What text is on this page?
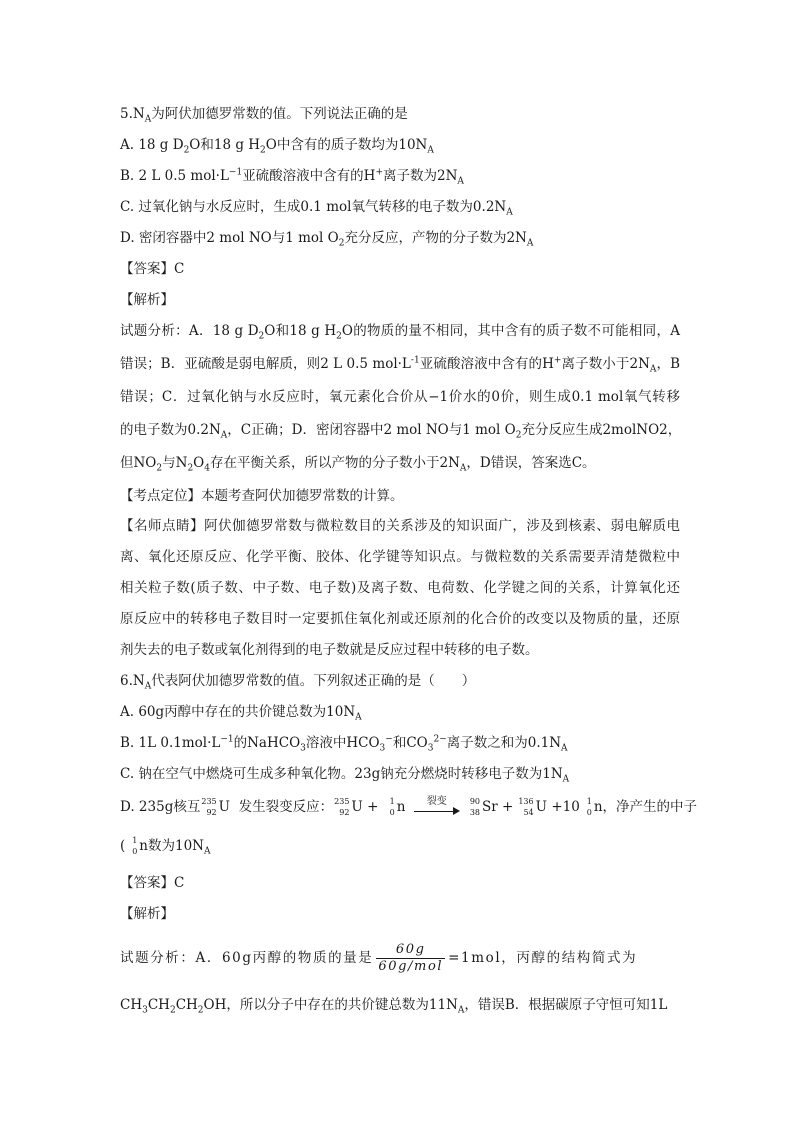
$5.N_A$为阿伏加德罗常数的值。下列说法正确的是
A. 18 g $D_2O$和18 g $H_2O$中含有的质子数均为$10N_A$
B. 2 L 0.5 $mol\cdot L^{-1}$亚硫酸溶液中含有的H+离子数为$2N_A$
C. 过氧化钠与水反应时，生成0.1 mol氧气转移的电子数为$0.2N_A$
D. 密闭容器中2 mol NO与1 mol $O_2$充分反应，产物的分子数为$2N_A$
【答案】C
【解析】
试题分析：A．18 g $D_2O$和18 g $H_2O$的物质的量不相同，其中含有的质子数不可能相同，A
错误；B．亚硫酸是弱电解质，则2 L 0.5 $mol\cdot L^{-1}$亚硫酸溶液中含有的H+离子数小于$2N_A$，B
错误；C．过氧化钠与水反应时，氧元素化合价从−1价水的0价，则生成0.1 mol氧气转移
的电子数为$0.2N_A$，C正确；D．密闭容器中2 mol NO与1 mol $O_2$充分反应生成2molNO2，
但$NO_2$与$N_2O_4$存在平衡关系，所以产物的分子数小于$2N_A$，D错误，答案选C。
【考点定位】本题考查阿伏加德罗常数的计算。
【名师点睛】阿伏伽德罗常数与微粒数目的关系涉及的知识面广，涉及到核素、弱电解质电
离、氧化还原反应、化学平衡、胶体、化学键等知识点。与微粒数的关系需要弄清楚微粒中
相关粒子数(质子数、中子数、电子数)及离子数、电荷数、化学键之间的关系，计算氧化还
原反应中的转移电子数目时一定要抓住氧化剂或还原剂的化合价的改变以及物质的量，还原
剂失去的电子数或氧化剂得到的电子数就是反应过程中转移的电子数。
$6.N_A$代表阿伏加德罗常数的值。下列叙述正确的是（　　）
A. 60g丙醇中存在的共价键总数为$10N_A$
B. 1L $0.1mol\cdot L^{-1}$的NaHCO$_3$溶液中$HCO_3^-$和$CO_3^{2-}$离子数之和为$0.1N_A$
C. 钠在空气中燃烧可生成多种氧化物。23g钠充分燃烧时转移电子数为$1N_A$
D. 235g核互 235
92 U 发生裂变反应： 235
92 U + 1
0 n	裂变
	90
38 Sr + 136
54 U +10 1
0 n，净产生的中子
( 1
0 n数为$10N_A$
【答案】C
【解析】
试题分析：A．60g丙醇的物质的量是 $\frac{60g}{\text{60g/mol}} =1mol$，丙醇的结构简式为
$CH_3CH_2CH_2OH$，所以分子中存在的共价键总数为$11N_A$，错误B．根据碳原子守恒可知1L
